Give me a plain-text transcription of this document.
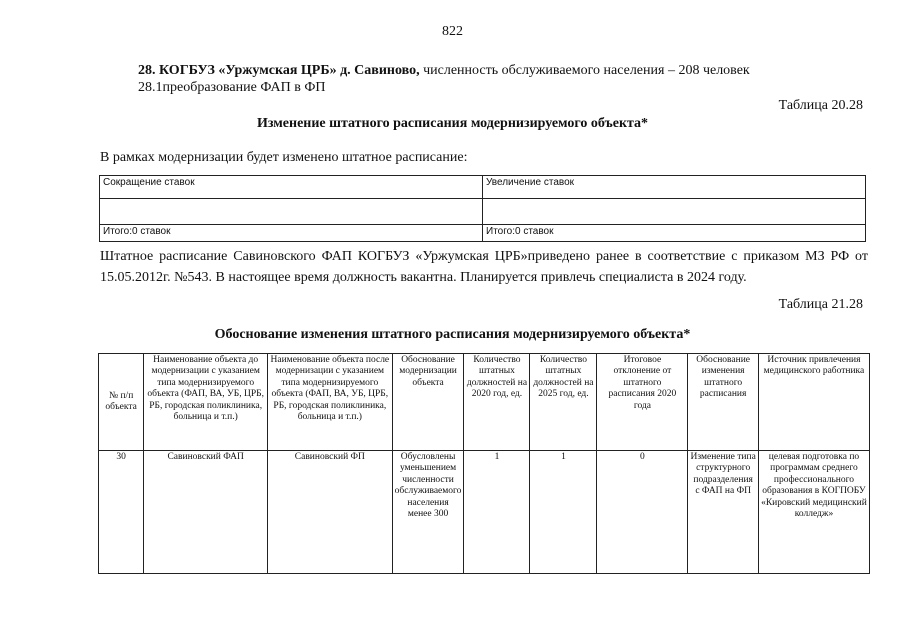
822
28. КОГБУЗ «Уржумская ЦРБ» д. Савиново, численность обслуживаемого населения – 208 человек
28.1преобразование ФАП в ФП
Таблица 20.28
Изменение штатного расписания модернизируемого объекта*
В рамках модернизации будет изменено штатное расписание:
Сокращение ставок	Увеличение ставок

Итого:0 ставок	Итого:0 ставок
Штатное расписание Савиновского ФАП КОГБУЗ «Уржумская ЦРБ»приведено ранее в соответствие с приказом МЗ РФ от 15.05.2012г. №543. В настоящее время должность вакантна. Планируется привлечь специалиста в 2024 году.
Таблица 21.28
Обоснование изменения штатного расписания модернизируемого объекта*
№ п/п объекта	Наименование объекта до модернизации с указанием типа модернизируемого объекта (ФАП, ВА, УБ, ЦРБ, РБ, городская поликлиника, больница и т.п.)	Наименование объекта после модернизации с указанием типа модернизируемого объекта (ФАП, ВА, УБ, ЦРБ, РБ, городская поликлиника, больница и т.п.)	Обоснование модернизации объекта	Количество штатных должностей на 2020 год, ед.	Количество штатных должностей на 2025 год, ед.	Итоговое отклонение от штатного расписания 2020 года	Обоснование изменения штатного расписания	Источник привлечения медицинского работника
30	Савиновский ФАП	Савиновский ФП	Обусловлены уменьшением численности обслуживаемого населения менее 300	1	1	0	Изменение типа структурного подразделения с ФАП на ФП	целевая подготовка по программам среднего профессионального образования в КОГПОБУ «Кировский медицинский колледж»
